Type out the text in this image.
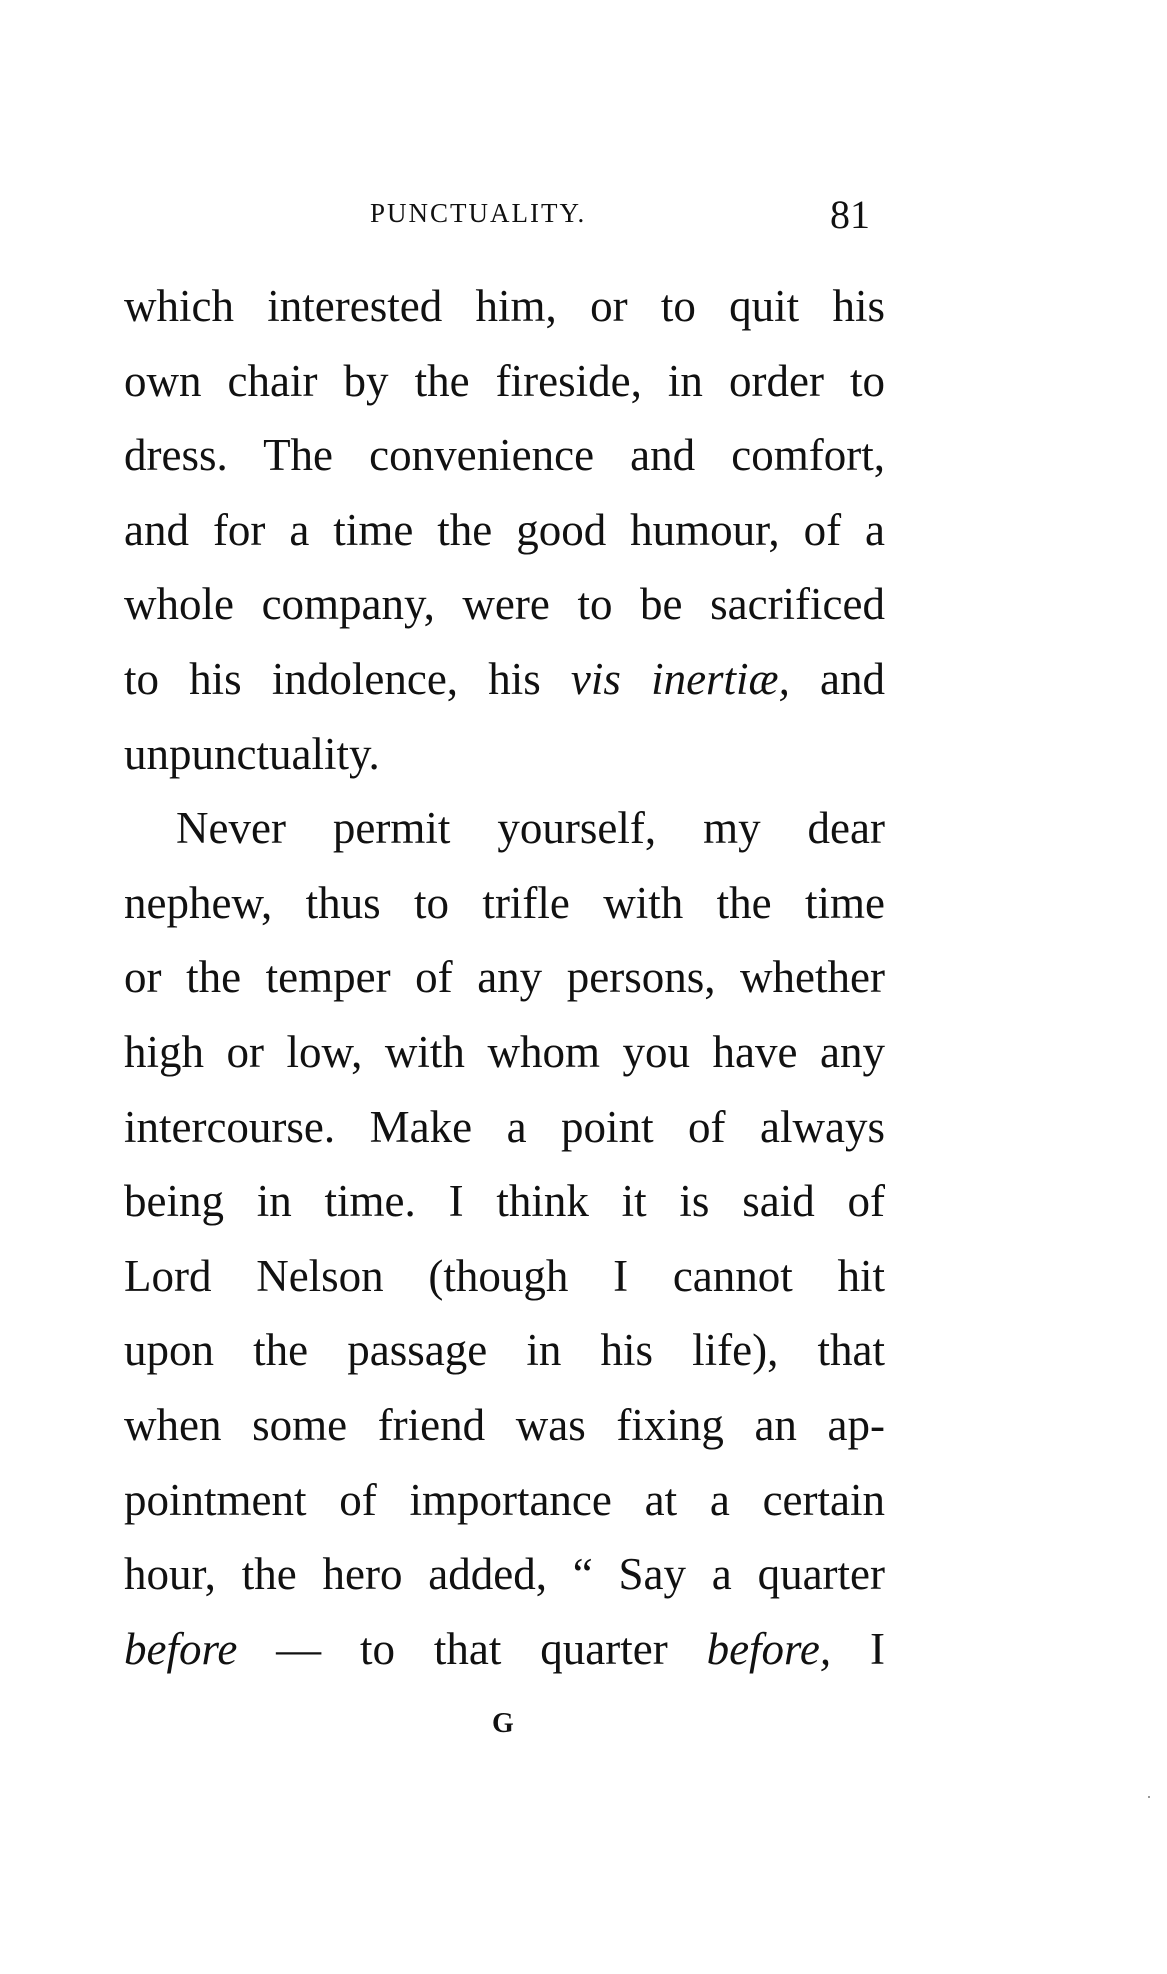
PUNCTUALITY.	81
which interested him, or to quit his
own chair by the fireside, in order to
dress. The convenience and comfort,
and for a time the good humour, of a
whole company, were to be sacrificed
to his indolence, his vis inertiæ, and
unpunctuality.
Never permit yourself, my dear
nephew, thus to trifle with the time
or the temper of any persons, whether
high or low, with whom you have any
intercourse. Make a point of always
being in time. I think it is said of
Lord Nelson (though I cannot hit
upon the passage in his life), that
when some friend was fixing an ap-
pointment of importance at a certain
hour, the hero added, “ Say a quarter
before — to that quarter before, I
G
